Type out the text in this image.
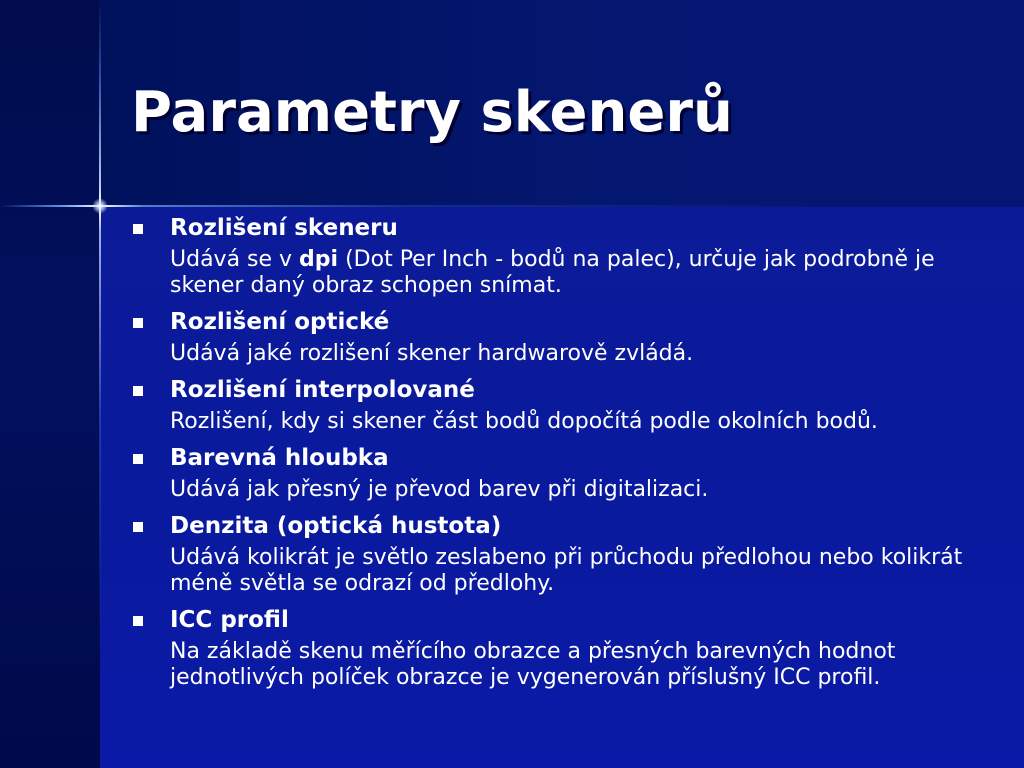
Parametry skenerů

Rozlišení skeneru

Udává se v dpi (Dot Per Inch - bodů na palec), určuje jak podrobně je skener daný obraz schopen snímat.

Rozlišení optické

Udává jaké rozlišení skener hardwarově zvládá.

Rozlišení interpolované

Rozlišení, kdy si skener část bodů dopočítá podle okolních bodů.

Barevná hloubka

Udává jak přesný je převod barev při digitalizaci.

Denzita (optická hustota)

Udává kolikrát je světlo zeslabeno při průchodu předlohou nebo kolikrát méně světla se odrazí od předlohy.

ICC profil

Na základě skenu měřícího obrazce a přesných barevných hodnot jednotlivých políček obrazce je vygenerován příslušný ICC profil.
